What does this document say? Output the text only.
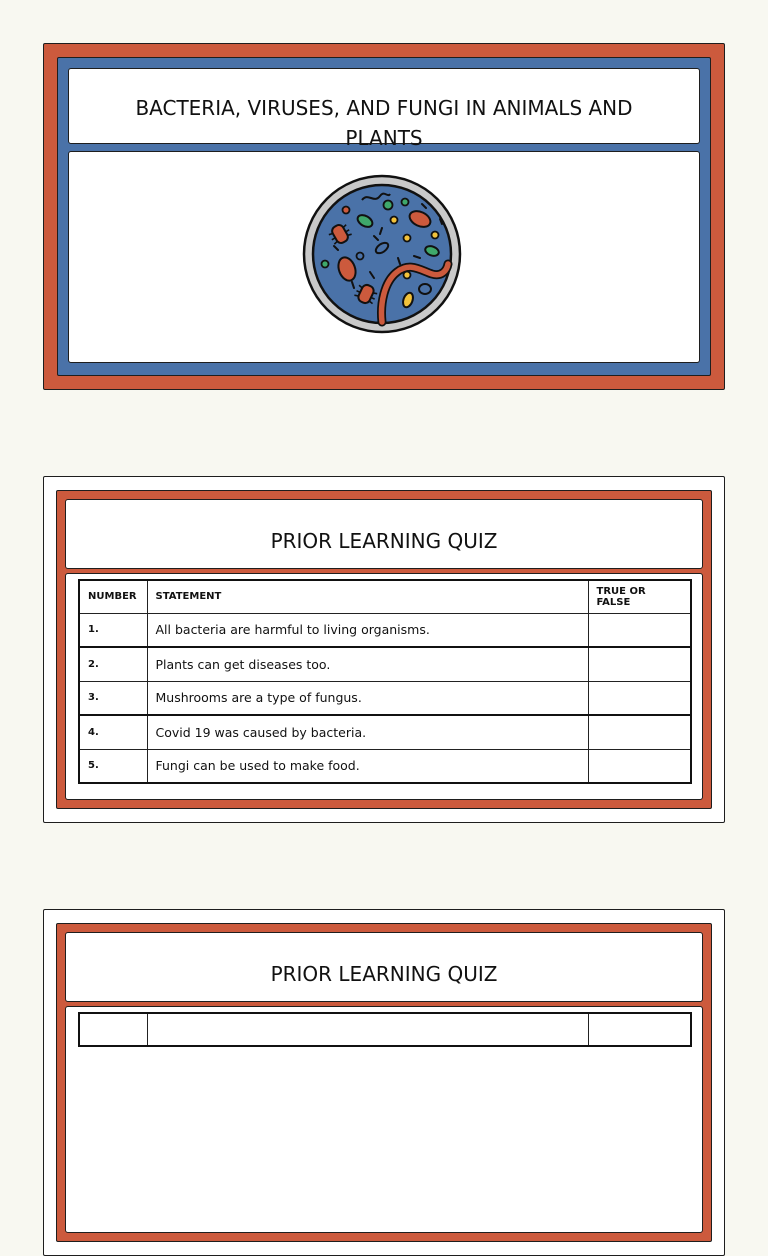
BACTERIA, VIRUSES, AND FUNGI IN ANIMALS AND PLANTS
PRIOR LEARNING QUIZ
NUMBER	STATEMENT	TRUE OR FALSE
1.	All bacteria are harmful to living organisms.	
2.	Plants can get diseases too.	
3.	Mushrooms are a type of fungus.	
4.	Covid 19 was caused by bacteria.	
5.	Fungi can be used to make food.	
PRIOR LEARNING QUIZ
